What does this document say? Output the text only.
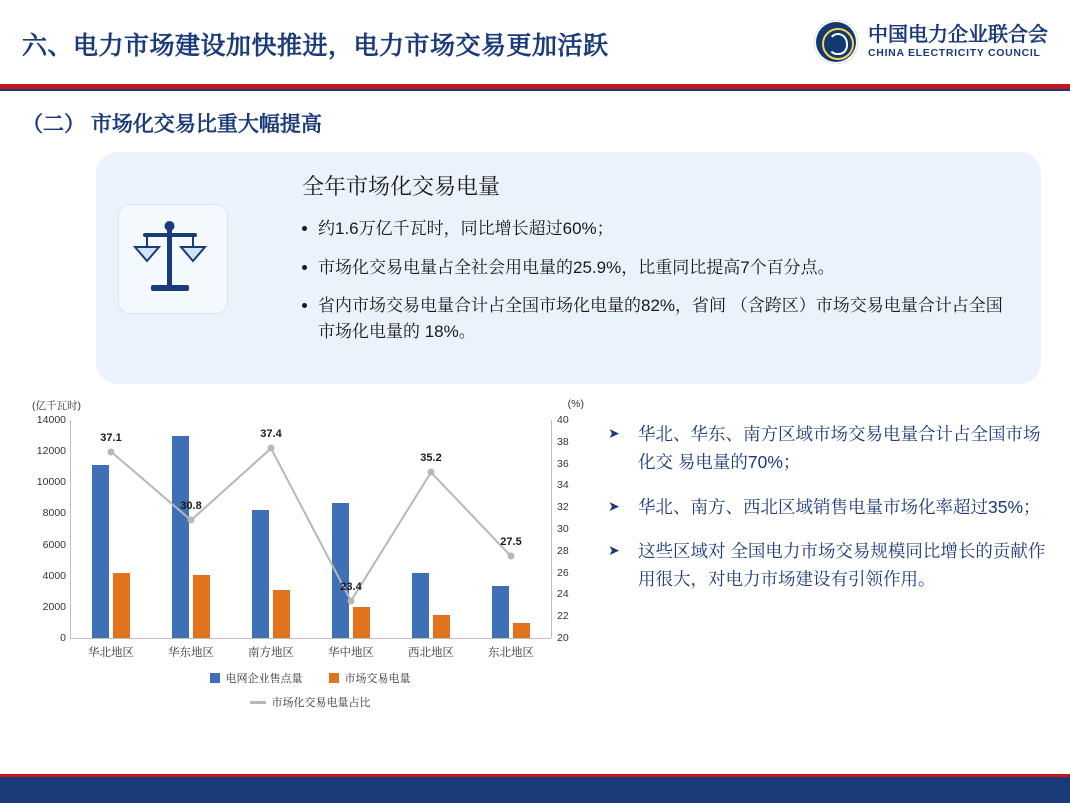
六、电力市场建设加快推进，电力市场交易更加活跃	中国电力企业联合会
CHINA ELECTRICITY COUNCIL
（二） 市场化交易比重大幅提高
全年市场化交易电量
约1.6万亿千瓦时，同比增长超过60%；
市场化交易电量占全社会用电量的25.9%，比重同比提高7个百分点。
省内市场交易电量合计占全国市场化电量的82%，省间 （含跨区）市场交易电量合计占全国市场化电量的 18%。
(亿千瓦时)	(%)
0
2000
4000
6000
8000
10000
12000
14000
20
22
24
26
28
30
32
34
36
38
40
华北地区	华东地区	南方地区	华中地区	西北地区	东北地区
37.1
30.8
37.4
23.4
35.2
27.5
电网企业售点量	市场交易电量
市场化交易电量占比
➤ 华北、华东、南方区域市场交易电量合计占全国市场化交 易电量的70%；
➤ 华北、南方、西北区域销售电量市场化率超过35%；
➤ 这些区域对 全国电力市场交易规模同比增长的贡献作用很大，对电力市场建设有引领作用。
